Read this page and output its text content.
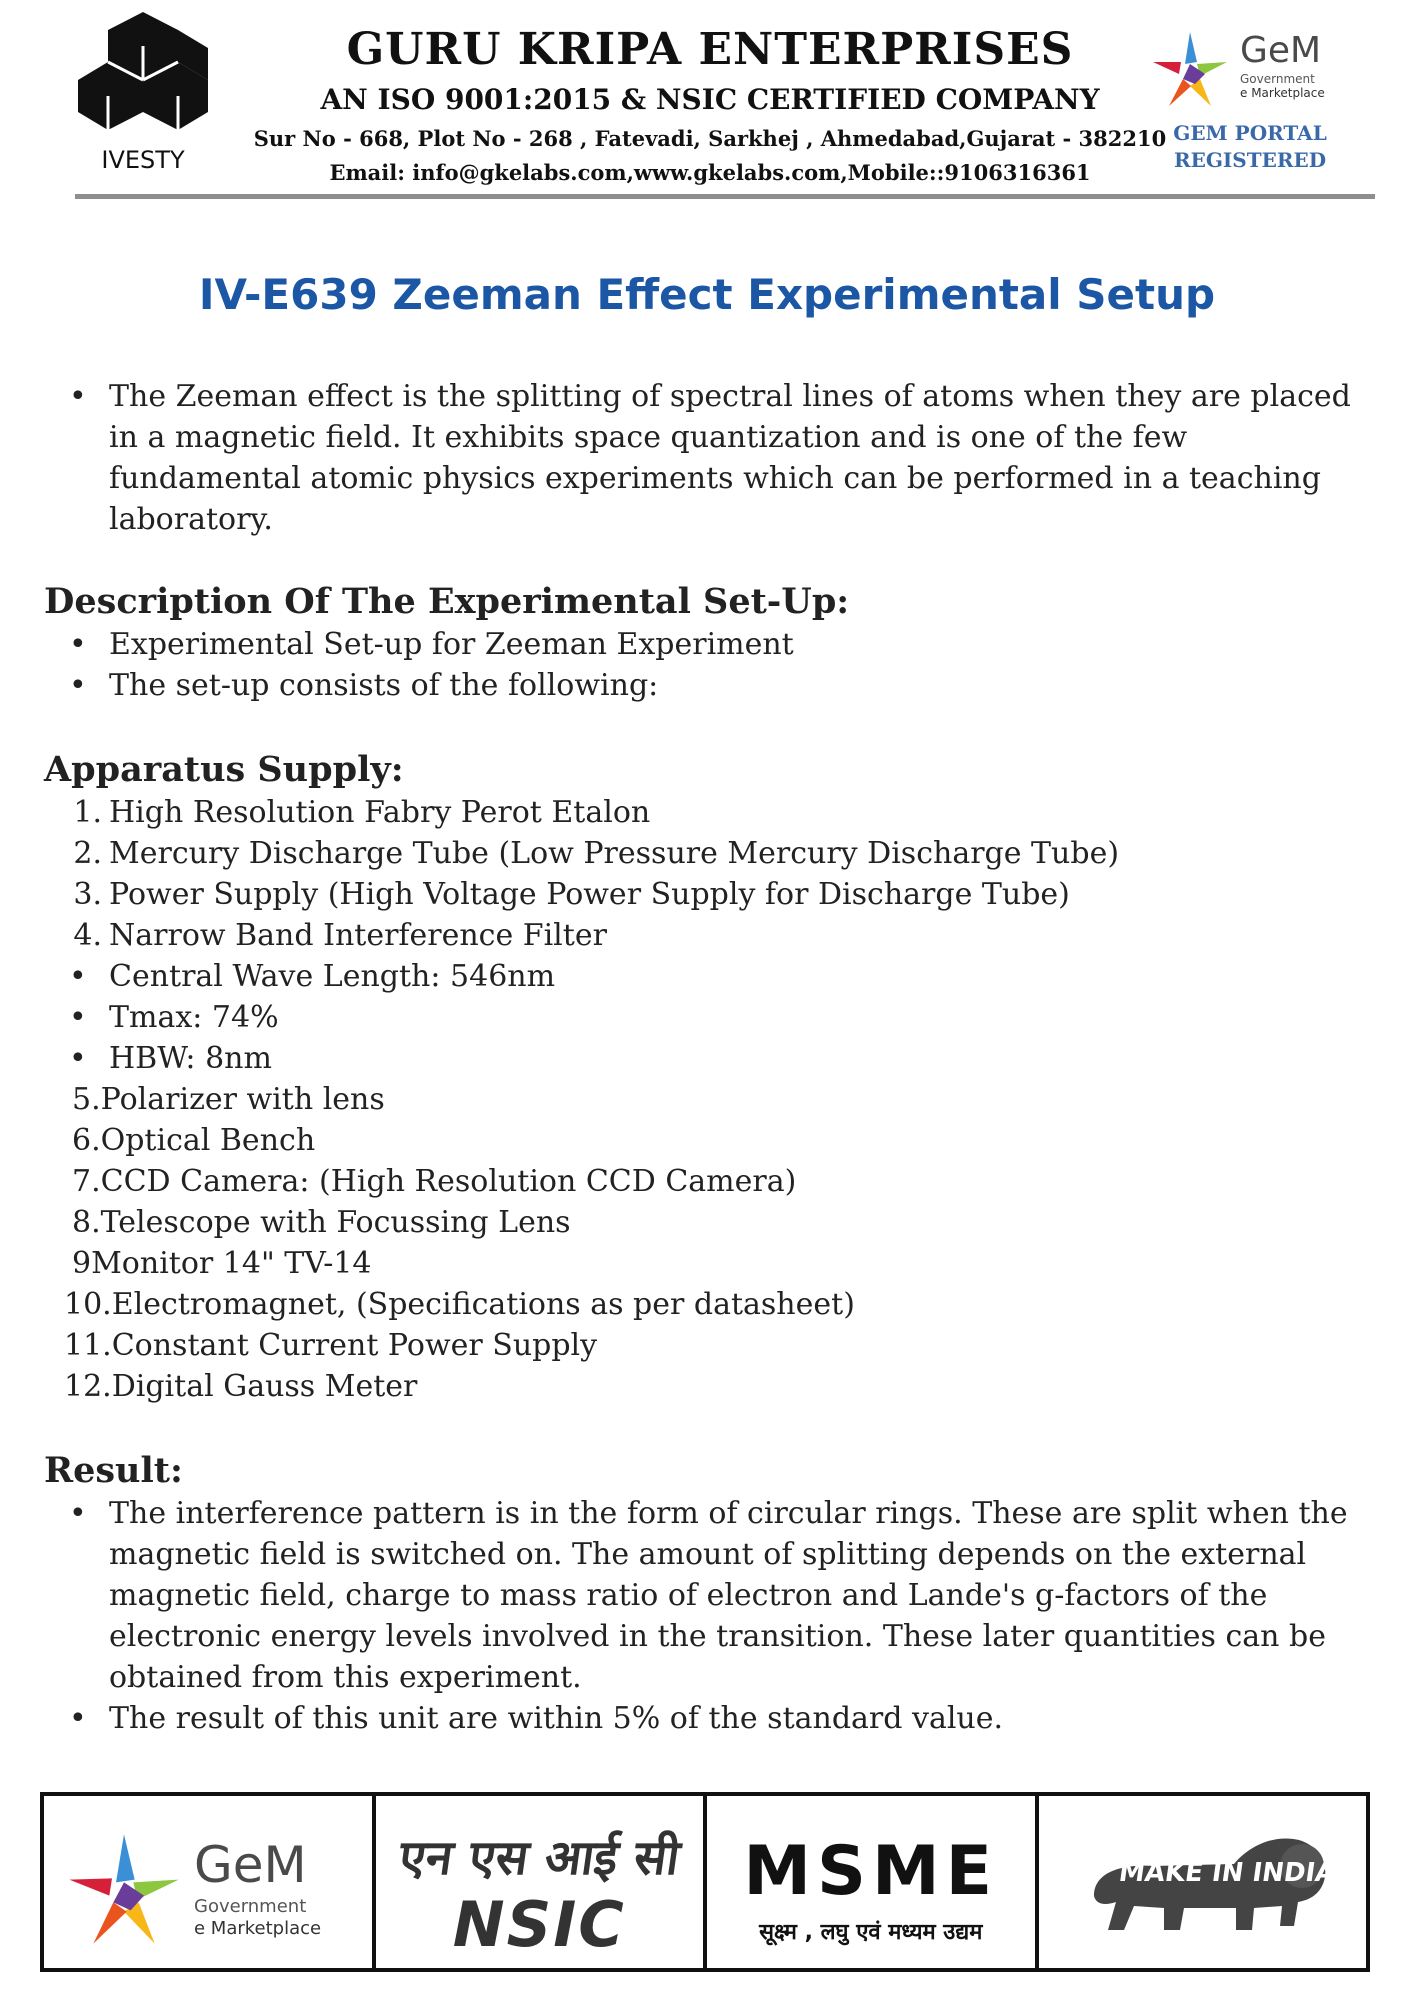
IVESTY
GURU KRIPA ENTERPRISES
AN ISO 9001:2015 & NSIC CERTIFIED COMPANY
Sur No - 668, Plot No - 268 , Fatevadi, Sarkhej , Ahmedabad,Gujarat - 382210
Email: info@gkelabs.com,www.gkelabs.com,Mobile::9106316361
GeM
Government
e Marketplace
GEM PORTAL
REGISTERED
IV-E639 Zeeman Effect Experimental Setup
• The Zeeman effect is the splitting of spectral lines of atoms when they are placed in a magnetic field. It exhibits space quantization and is one of the few fundamental atomic physics experiments which can be performed in a teaching laboratory.
Description Of The Experimental Set-Up:
• Experimental Set-up for Zeeman Experiment
• The set-up consists of the following:
Apparatus Supply:
1. High Resolution Fabry Perot Etalon
2. Mercury Discharge Tube (Low Pressure Mercury Discharge Tube)
3. Power Supply (High Voltage Power Supply for Discharge Tube)
4. Narrow Band Interference Filter
• Central Wave Length: 546nm
• Tmax: 74%
• HBW: 8nm
5.Polarizer with lens
6.Optical Bench
7.CCD Camera: (High Resolution CCD Camera)
8.Telescope with Focussing Lens
9Monitor 14" TV-14
10.Electromagnet, (Specifications as per datasheet)
11.Constant Current Power Supply
12.Digital Gauss Meter
Result:
• The interference pattern is in the form of circular rings. These are split when the magnetic field is switched on. The amount of splitting depends on the external magnetic field, charge to mass ratio of electron and Lande's g-factors of the electronic energy levels involved in the transition. These later quantities can be obtained from this experiment.
• The result of this unit are within 5% of the standard value.
GeM
Government
e Marketplace
एन एस आई सी
NSIC
MSME
सूक्ष्म , लघु एवं मध्यम उद्यम
MAKE IN INDIA
